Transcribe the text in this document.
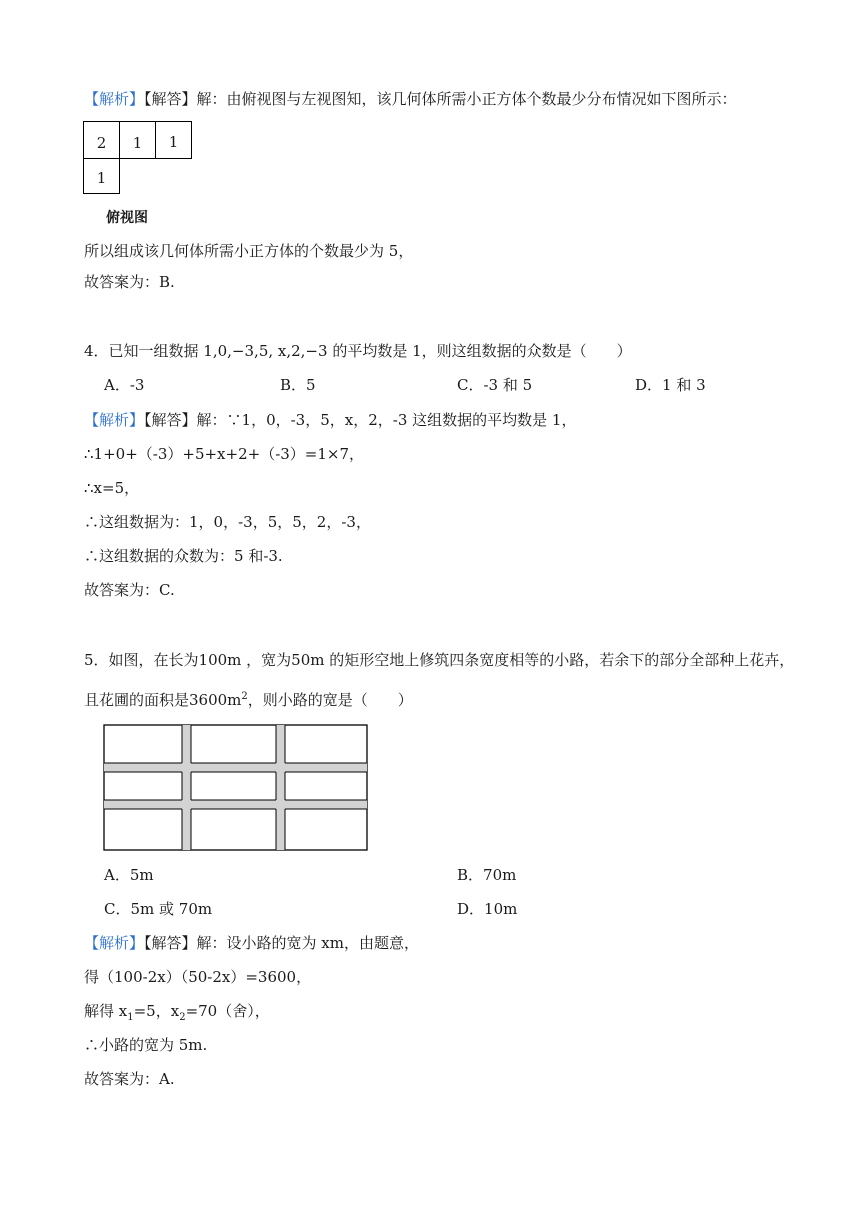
【解析】【解答】解：由俯视图与左视图知，该几何体所需小正方体个数最少分布情况如下图所示：
2	1	1
1
俯视图
所以组成该几何体所需小正方体的个数最少为 5，
故答案为：B.
4．已知一组数据 1,0,−3,5, x,2,−3 的平均数是 1，则这组数据的众数是（　　）
A．-3	B．5	C．-3 和 5	D．1 和 3
【解析】【解答】解：∵1，0，-3，5，x，2，-3 这组数据的平均数是 1，
∴1+0+（-3）+5+x+2+（-3）=1×7，
∴x=5，
∴这组数据为：1，0，-3，5，5，2，-3，
∴这组数据的众数为：5 和-3.
故答案为：C.
5．如图，在长为100m ，宽为50m 的矩形空地上修筑四条宽度相等的小路，若余下的部分全部种上花卉，
且花圃的面积是$3600m^2$，则小路的宽是（　　）
A．5m	B．70m
C．5m 或 70m	D．10m
【解析】【解答】解：设小路的宽为 xm，由题意，
得（100-2x）（50-2x）=3600，
解得 $x_1=5$，$x_2=70$（舍），
∴小路的宽为 5m.
故答案为：A.
